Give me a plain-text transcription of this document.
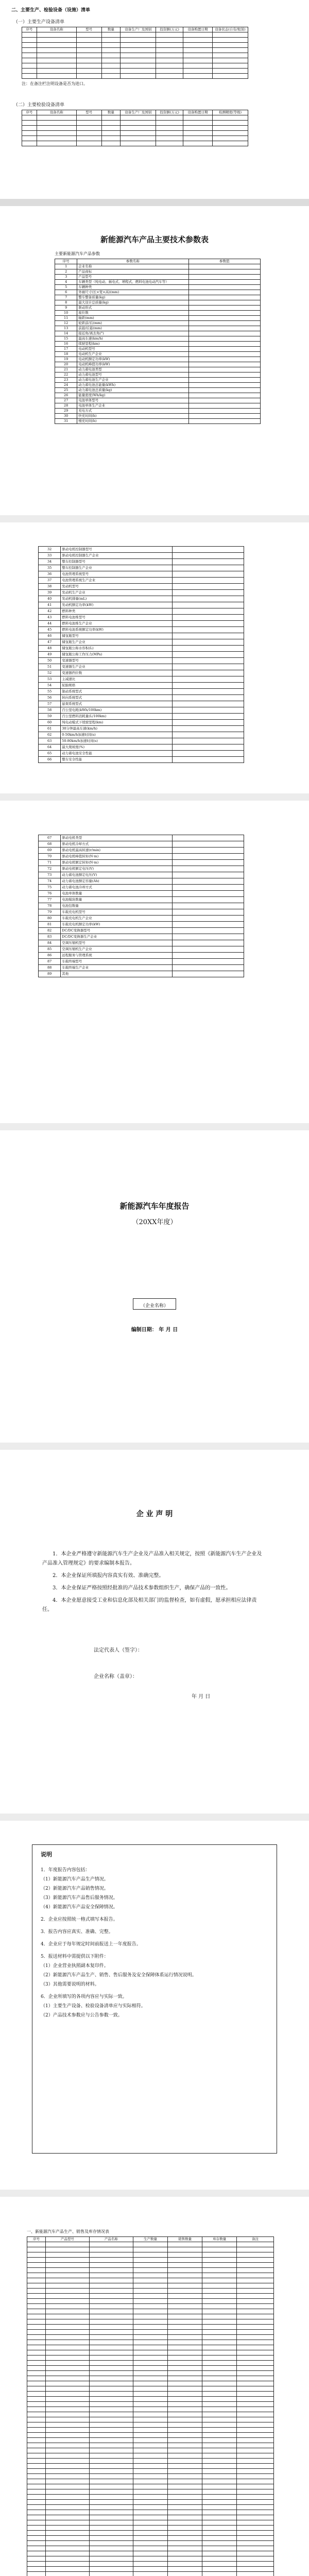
二、主要生产、检验设备（设施）清单
（一）主要生产设备清单
序号	设备名称	型号	数量	设备生产厂及国别	投资额(万元)	设备购置日期	设备状态(自有/租赁)

注：在备注栏注明设备是否为进口。
（二）主要检验设备清单
序号	设备名称	型号	数量	设备生产厂及国别	投资额(万元)	设备购置日期	检测精度(等级)

新能源汽车产品主要技术参数表
主要新能源汽车产品参数
序号	参数名称	参数值
1	企业名称	
2	产品商标	
3	产品型号	
4	车辆类型（纯电动、插电式、增程式、燃料电池电动汽车等）	
5	车辆种类	
6	外廓尺寸(长×宽×高)(mm)	
7	整车整备质量(kg)	
8	最大设计总质量(kg)	
9	驱动形式	
10	座位数	
11	轴距(mm)	
12	轮距前/后(mm)	
13	前悬/后悬(mm)	
14	接近角/离去角(°)	
15	最高车速(km/h)	
16	续驶里程(km)	
17	电动机型号	
18	电动机生产企业	
19	电动机额定功率(kW)	
20	电动机峰值功率(kW)	
21	动力蓄电池类型	
22	动力蓄电池型号	
23	动力蓄电池生产企业	
24	动力蓄电池总能量(kWh)	
25	动力蓄电池总质量(kg)	
26	能量密度(Wh/kg)	
27	电池单体型号	
28	电池单体生产企业	
29	充电方式	
30	快充时间(h)	
31	慢充时间(h)	
32	驱动电机控制器型号	
33	驱动电机控制器生产企业	
34	整车控制器型号	
35	整车控制器生产企业	
36	电池管理系统型号	
37	电池管理系统生产企业	
38	发动机型号	
39	发动机生产企业	
40	发动机排量(mL)	
41	发动机额定功率(kW)	
42	燃料种类	
43	燃料电池堆型号	
44	燃料电池堆生产企业	
45	燃料电池系统额定功率(kW)	
46	储氢瓶型号	
47	储氢瓶生产企业	
48	储氢瓶公称水容积(L)	
49	储氢瓶公称工作压力(MPa)	
50	变速器型号	
51	变速器生产企业	
52	变速器挡位数	
53	主减速比	
54	轮胎规格	
55	制动系统型式	
56	转向系统型式	
57	悬架系统型式	
58	百公里电耗(kWh/100km)	
59	百公里燃料消耗量(L/100km)	
60	纯电动模式下续驶里程(km)	
61	30分钟最高车速(km/h)	
62	0-50km/h加速时间(s)	
63	50-80km/h加速时间(s)	
64	最大爬坡度(%)	
65	动力蓄电池安全性能	
66	整车安全性能	
67	驱动电机类型	
68	驱动电机冷却方式	
69	驱动电机最高转速(r/min)	
70	驱动电机峰值转矩(N·m)	
71	驱动电机额定转矩(N·m)	
72	驱动电机额定电压(V)	
73	动力蓄电池额定电压(V)	
74	动力蓄电池额定容量(Ah)	
75	动力蓄电池冷却方式	
76	电池单体数量	
77	电池模块数量	
78	电池包数量	
79	车载充电机型号	
80	车载充电机生产企业	
81	车载充电机额定功率(kW)	
82	DC/DC变换器型号	
83	DC/DC变换器生产企业	
84	空调压缩机型号	
85	空调压缩机生产企业	
86	远程服务与管理系统	
87	车载终端型号	
88	车载终端生产企业	
89	其他	
新能源汽车年度报告
（20XX年度）
（企业名称）
编制日期： 年 月 日
企 业 声 明

1．本企业严格遵守新能源汽车生产企业及产品准入相关规定，按照《新能源汽车生产企业及产品准入管理规定》的要求编制本报告。

2．本企业保证所填报内容真实有效、准确完整。

3．本企业保证严格按照经批准的产品技术参数组织生产，确保产品的一致性。

4．本企业愿意接受工业和信息化部及相关部门的监督检查，如有虚假，愿承担相应法律责任。

法定代表人（签字）：
企业名称（盖章）：
年 月 日
说明

1．年度报告内容包括：

（1）新能源汽车产品生产情况。

（2）新能源汽车产品销售情况。

（3）新能源汽车产品售后服务情况。

（4）新能源汽车产品安全保障情况。

2．企业应按照统一格式填写本报告。

3．报告内容应真实、准确、完整。

4．企业应于每年规定时间前报送上一年度报告。

5．报送材料中需提供以下附件：

（1）企业营业执照副本复印件。

（2）新能源汽车产品生产、销售、售后服务及安全保障体系运行情况说明。

（3）其他需要说明的材料。

6．企业所填写的各项内容应与实际一致。

（1）主要生产设备、检验设备清单应与实际相符。

（2）产品技术参数应与公告参数一致。

一、新能源汽车产品生产、销售及库存情况表
序号	产品型号	产品名称	生产数量	销售数量	库存数量	备注
